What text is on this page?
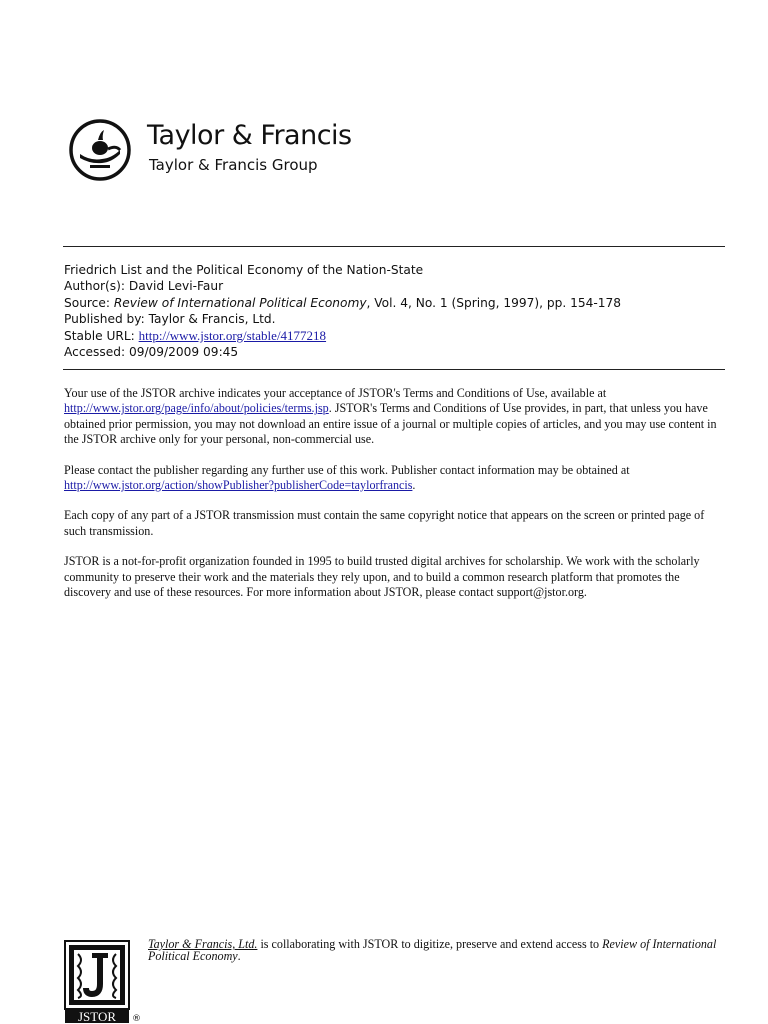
Taylor & Francis
Taylor & Francis Group
Friedrich List and the Political Economy of the Nation-State
Author(s): David Levi-Faur
Source: Review of International Political Economy, Vol. 4, No. 1 (Spring, 1997), pp. 154-178
Published by: Taylor & Francis, Ltd.
Stable URL: http://www.jstor.org/stable/4177218
Accessed: 09/09/2009 09:45

Your use of the JSTOR archive indicates your acceptance of JSTOR's Terms and Conditions of Use, available at http://www.jstor.org/page/info/about/policies/terms.jsp. JSTOR's Terms and Conditions of Use provides, in part, that unless you have obtained prior permission, you may not download an entire issue of a journal or multiple copies of articles, and you may use content in the JSTOR archive only for your personal, non-commercial use.

Please contact the publisher regarding any further use of this work. Publisher contact information may be obtained at http://www.jstor.org/action/showPublisher?publisherCode=taylorfrancis.

Each copy of any part of a JSTOR transmission must contain the same copyright notice that appears on the screen or printed page of such transmission.

JSTOR is a not-for-profit organization founded in 1995 to build trusted digital archives for scholarship. We work with the scholarly community to preserve their work and the materials they rely upon, and to build a common research platform that promotes the discovery and use of these resources. For more information about JSTOR, please contact support@jstor.org.

JSTOR ®
Taylor & Francis, Ltd. is collaborating with JSTOR to digitize, preserve and extend access to Review of International Political Economy.
